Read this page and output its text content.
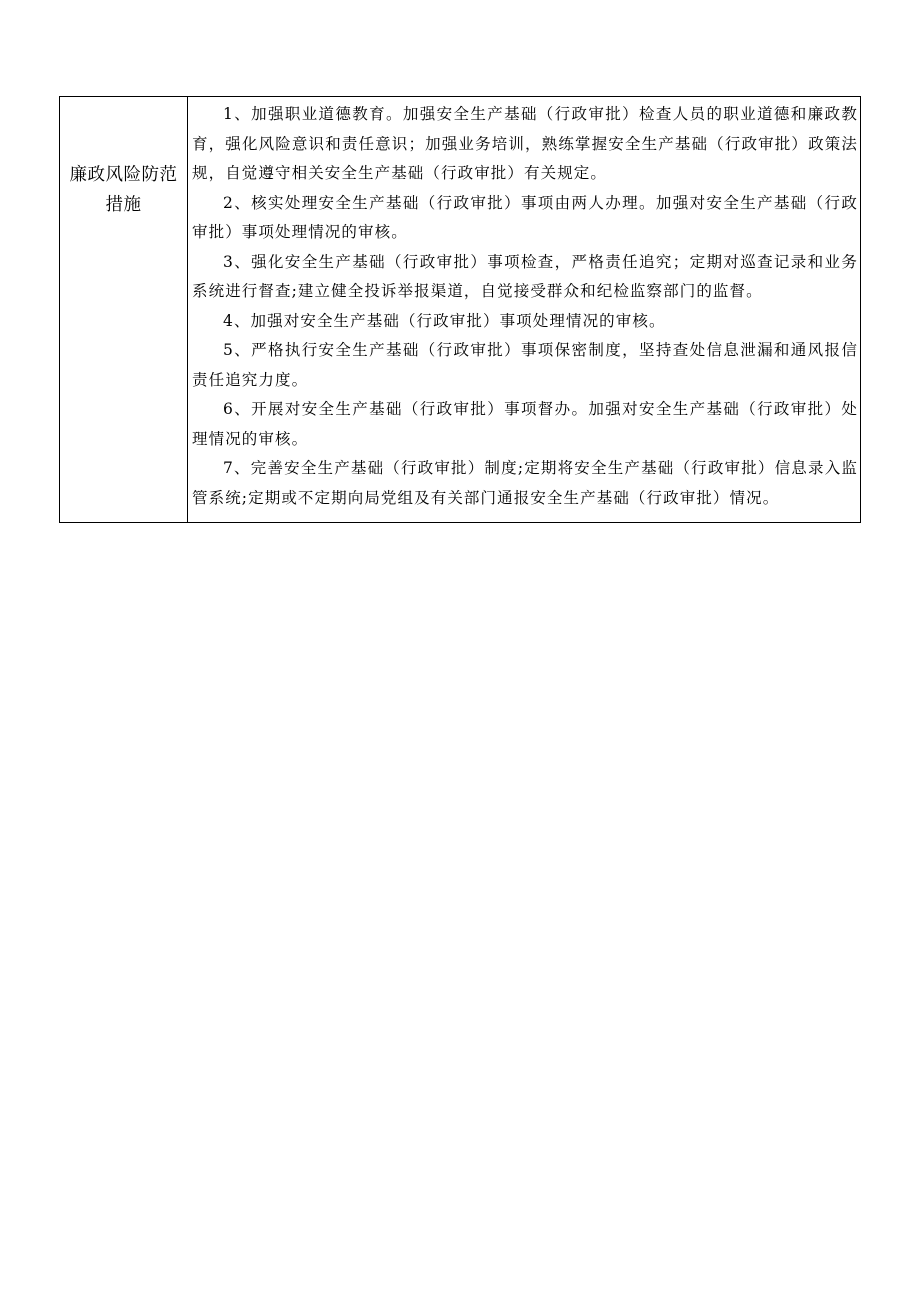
廉政风险防范措施

1、加强职业道德教育。加强安全生产基础（行政审批）检查人员的职业道德和廉政教育，强化风险意识和责任意识；加强业务培训，熟练掌握安全生产基础（行政审批）政策法规，自觉遵守相关安全生产基础（行政审批）有关规定。

2、核实处理安全生产基础（行政审批）事项由两人办理。加强对安全生产基础（行政审批）事项处理情况的审核。

3、强化安全生产基础（行政审批）事项检查，严格责任追究；定期对巡查记录和业务系统进行督查;建立健全投诉举报渠道，自觉接受群众和纪检监察部门的监督。

4、加强对安全生产基础（行政审批）事项处理情况的审核。

5、严格执行安全生产基础（行政审批）事项保密制度，坚持查处信息泄漏和通风报信责任追究力度。

6、开展对安全生产基础（行政审批）事项督办。加强对安全生产基础（行政审批）处理情况的审核。

7、完善安全生产基础（行政审批）制度;定期将安全生产基础（行政审批）信息录入监管系统;定期或不定期向局党组及有关部门通报安全生产基础（行政审批）情况。
